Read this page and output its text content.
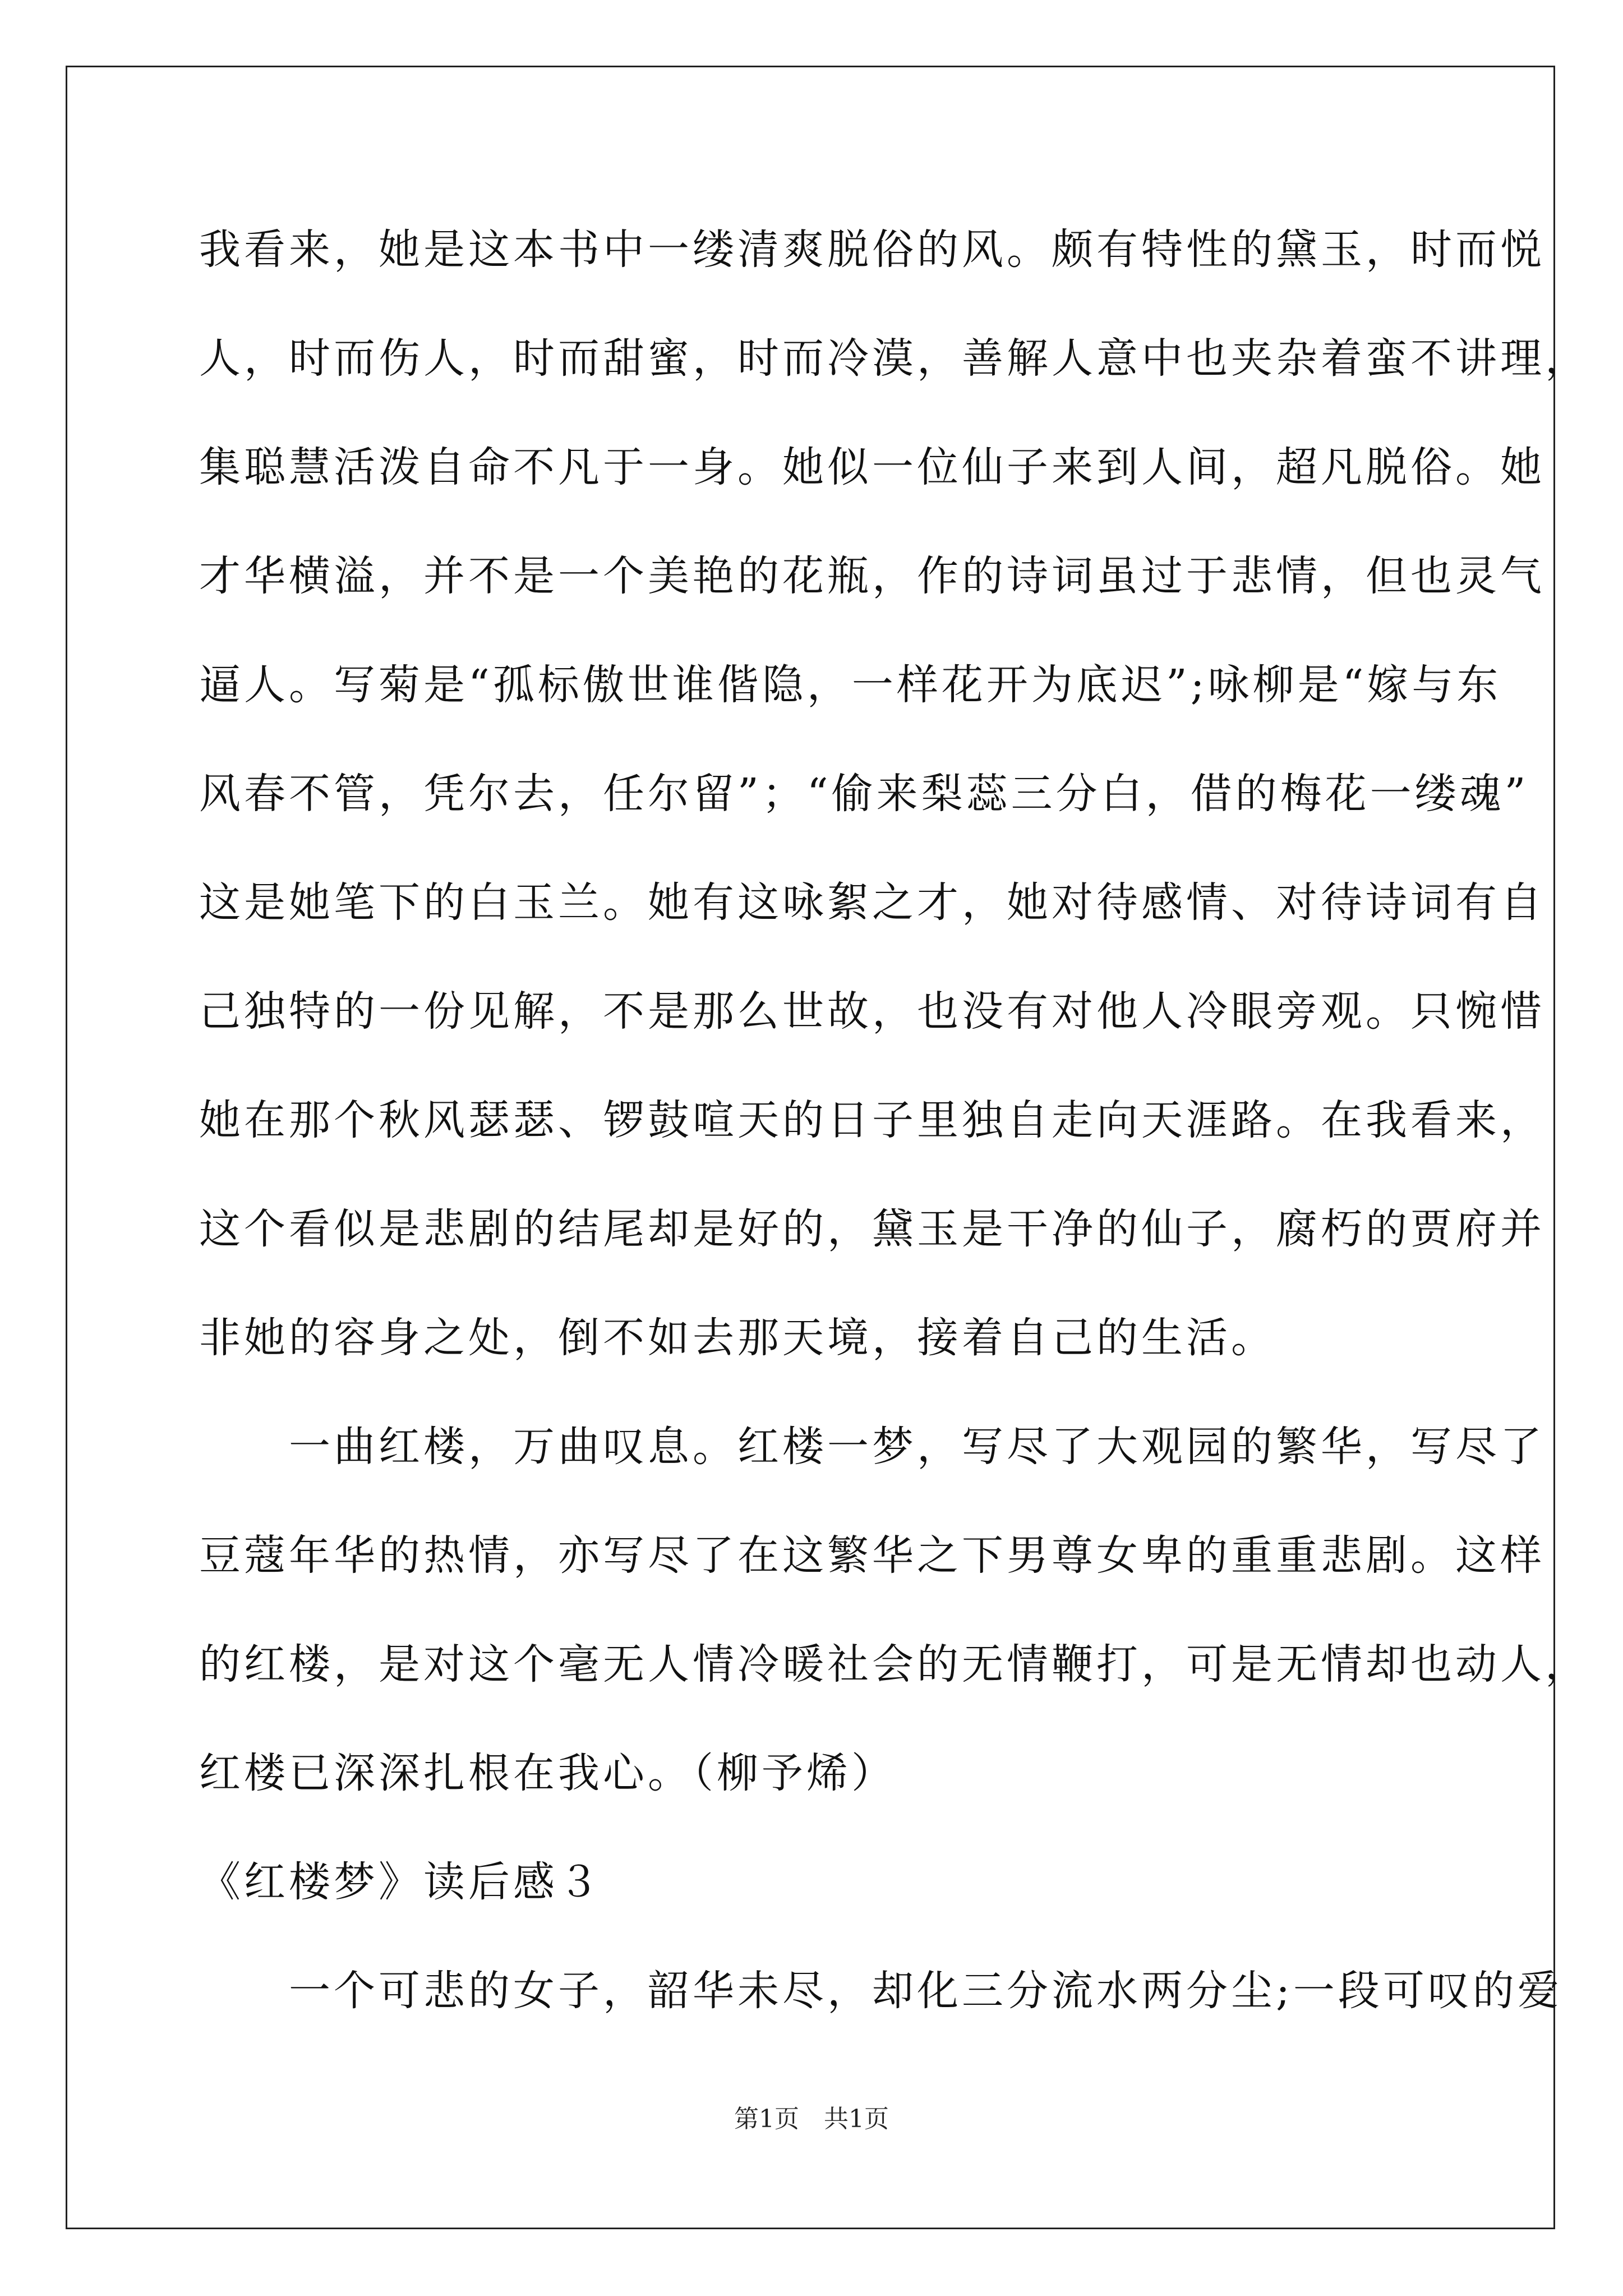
我看来，她是这本书中一缕清爽脱俗的风。颇有特性的黛玉，时而悦
人，时而伤人，时而甜蜜，时而冷漠，善解人意中也夹杂着蛮不讲理，
集聪慧活泼自命不凡于一身。她似一位仙子来到人间，超凡脱俗。她
才华横溢，并不是一个美艳的花瓶，作的诗词虽过于悲情，但也灵气
逼人。写菊是“孤标傲世谁偕隐，一样花开为底迟”;咏柳是“嫁与东
风春不管，凭尔去，任尔留”；“偷来梨蕊三分白，借的梅花一缕魂”
这是她笔下的白玉兰。她有这咏絮之才，她对待感情、对待诗词有自
己独特的一份见解，不是那么世故，也没有对他人冷眼旁观。只惋惜
她在那个秋风瑟瑟、锣鼓喧天的日子里独自走向天涯路。在我看来，
这个看似是悲剧的结尾却是好的，黛玉是干净的仙子，腐朽的贾府并
非她的容身之处，倒不如去那天境，接着自己的生活。
　　一曲红楼，万曲叹息。红楼一梦，写尽了大观园的繁华，写尽了
豆蔻年华的热情，亦写尽了在这繁华之下男尊女卑的重重悲剧。这样
的红楼，是对这个毫无人情冷暖社会的无情鞭打，可是无情却也动人，
红楼已深深扎根在我心。（柳予烯）
《红楼梦》读后感３
　　一个可悲的女子，韶华未尽，却化三分流水两分尘;一段可叹的爱
第1页　共1页
